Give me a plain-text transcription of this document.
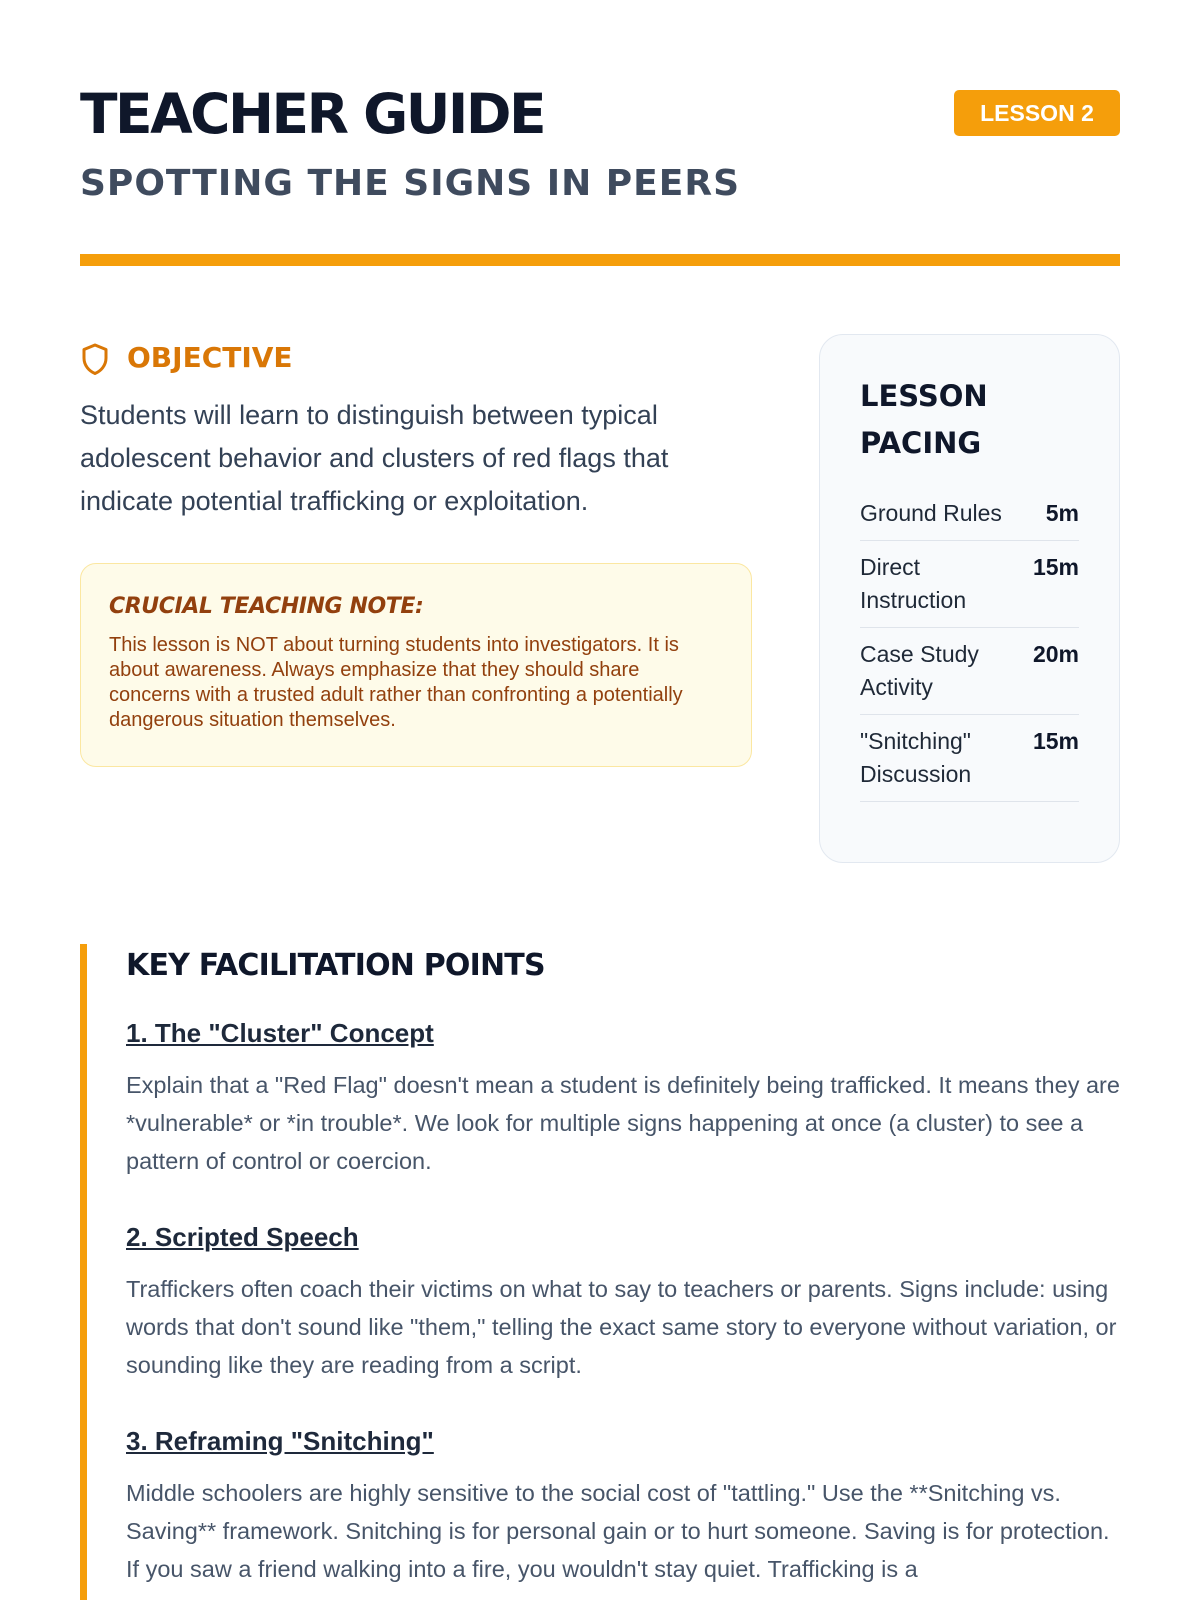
TEACHER GUIDE
SPOTTING THE SIGNS IN PEERS
LESSON 2
OBJECTIVE

Students will learn to distinguish between typical adolescent behavior and clusters of red flags that indicate potential trafficking or exploitation.

CRUCIAL TEACHING NOTE:

This lesson is NOT about turning students into investigators. It is about awareness. Always emphasize that they should share concerns with a trusted adult rather than confronting a potentially dangerous situation themselves.

LESSON PACING
Ground Rules	5m
Direct Instruction
15m
Case Study Activity
20m
"Snitching" Discussion
15m
KEY FACILITATION POINTS
1. The "Cluster" Concept

Explain that a "Red Flag" doesn't mean a student is definitely being trafficked. It means they are *vulnerable* or *in trouble*. We look for multiple signs happening at once (a cluster) to see a pattern of control or coercion.

2. Scripted Speech

Traffickers often coach their victims on what to say to teachers or parents. Signs include: using words that don't sound like "them," telling the exact same story to everyone without variation, or sounding like they are reading from a script.

3. Reframing "Snitching"

Middle schoolers are highly sensitive to the social cost of "tattling." Use the **Snitching vs. Saving** framework. Snitching is for personal gain or to hurt someone. Saving is for protection. If you saw a friend walking into a fire, you wouldn't stay quiet. Trafficking is a
